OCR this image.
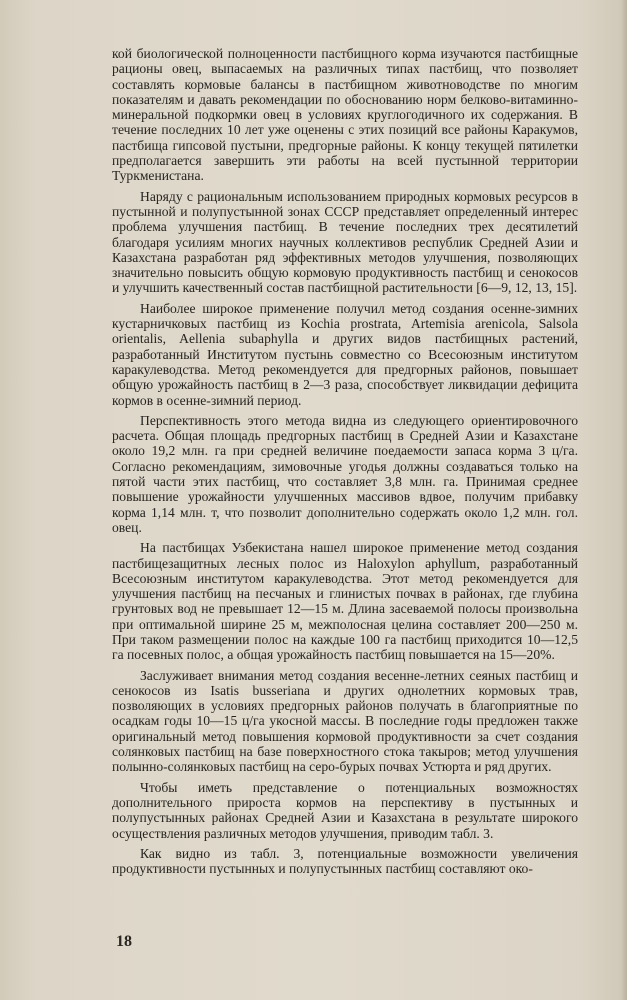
кой биологической полноценности пастбищного корма изучаются пастбищные рационы овец, выпасаемых на различных типах пастбищ, что позволяет составлять кормовые балансы в пастбищном животноводстве по многим показателям и давать рекомендации по обоснованию норм белково-витаминно-минеральной подкормки овец в условиях круглогодичного их содержания. В течение последних 10 лет уже оценены с этих позиций все районы Каракумов, пастбища гипсовой пустыни, предгорные районы. К концу текущей пятилетки предполагается завершить эти работы на всей пустынной территории Туркменистана.

Наряду с рациональным использованием природных кормовых ресурсов в пустынной и полупустынной зонах СССР представляет определенный интерес проблема улучшения пастбищ. В течение последних трех десятилетий благодаря усилиям многих научных коллективов республик Средней Азии и Казахстана разработан ряд эффективных методов улучшения, позволяющих значительно повысить общую кормовую продуктивность пастбищ и сенокосов и улучшить качественный состав пастбищной растительности [6—9, 12, 13, 15].

Наиболее широкое применение получил метод создания осенне-зимних кустарничковых пастбищ из Kochia prostrata, Artemisia arenicola, Salsola orientalis, Aellenia subaphylla и других видов пастбищных растений, разработанный Институтом пустынь совместно со Всесоюзным институтом каракулеводства. Метод рекомендуется для предгорных районов, повышает общую урожайность пастбищ в 2—3 раза, способствует ликвидации дефицита кормов в осенне-зимний период.

Перспективность этого метода видна из следующего ориентировочного расчета. Общая площадь предгорных пастбищ в Средней Азии и Казахстане около 19,2 млн. га при средней величине поедаемости запаса корма 3 ц/га. Согласно рекомендациям, зимовочные угодья должны создаваться только на пятой части этих пастбищ, что составляет 3,8 млн. га. Принимая среднее повышение урожайности улучшенных массивов вдвое, получим прибавку корма 1,14 млн. т, что позволит дополнительно содержать около 1,2 млн. гол. овец.

На пастбищах Узбекистана нашел широкое применение метод создания пастбищезащитных лесных полос из Haloxylon aphyllum, разработанный Всесоюзным институтом каракулеводства. Этот метод рекомендуется для улучшения пастбищ на песчаных и глинистых почвах в районах, где глубина грунтовых вод не превышает 12—15 м. Длина засеваемой полосы произвольна при оптимальной ширине 25 м, межполосная целина составляет 200—250 м. При таком размещении полос на каждые 100 га пастбищ приходится 10—12,5 га посевных полос, а общая урожайность пастбищ повышается на 15—20%.

Заслуживает внимания метод создания весенне-летних сеяных пастбищ и сенокосов из Isatis busseriana и других однолетних кормовых трав, позволяющих в условиях предгорных районов получать в благоприятные по осадкам годы 10—15 ц/га укосной массы. В последние годы предложен также оригинальный метод повышения кормовой продуктивности за счет создания солянковых пастбищ на базе поверхностного стока такыров; метод улучшения полынно-солянковых пастбищ на серо-бурых почвах Устюрта и ряд других.

Чтобы иметь представление о потенциальных возможностях дополнительного прироста кормов на перспективу в пустынных и полупустынных районах Средней Азии и Казахстана в результате широкого осуществления различных методов улучшения, приводим табл. 3.

Как видно из табл. 3, потенциальные возможности увеличения продуктивности пустынных и полупустынных пастбищ составляют око-

18
